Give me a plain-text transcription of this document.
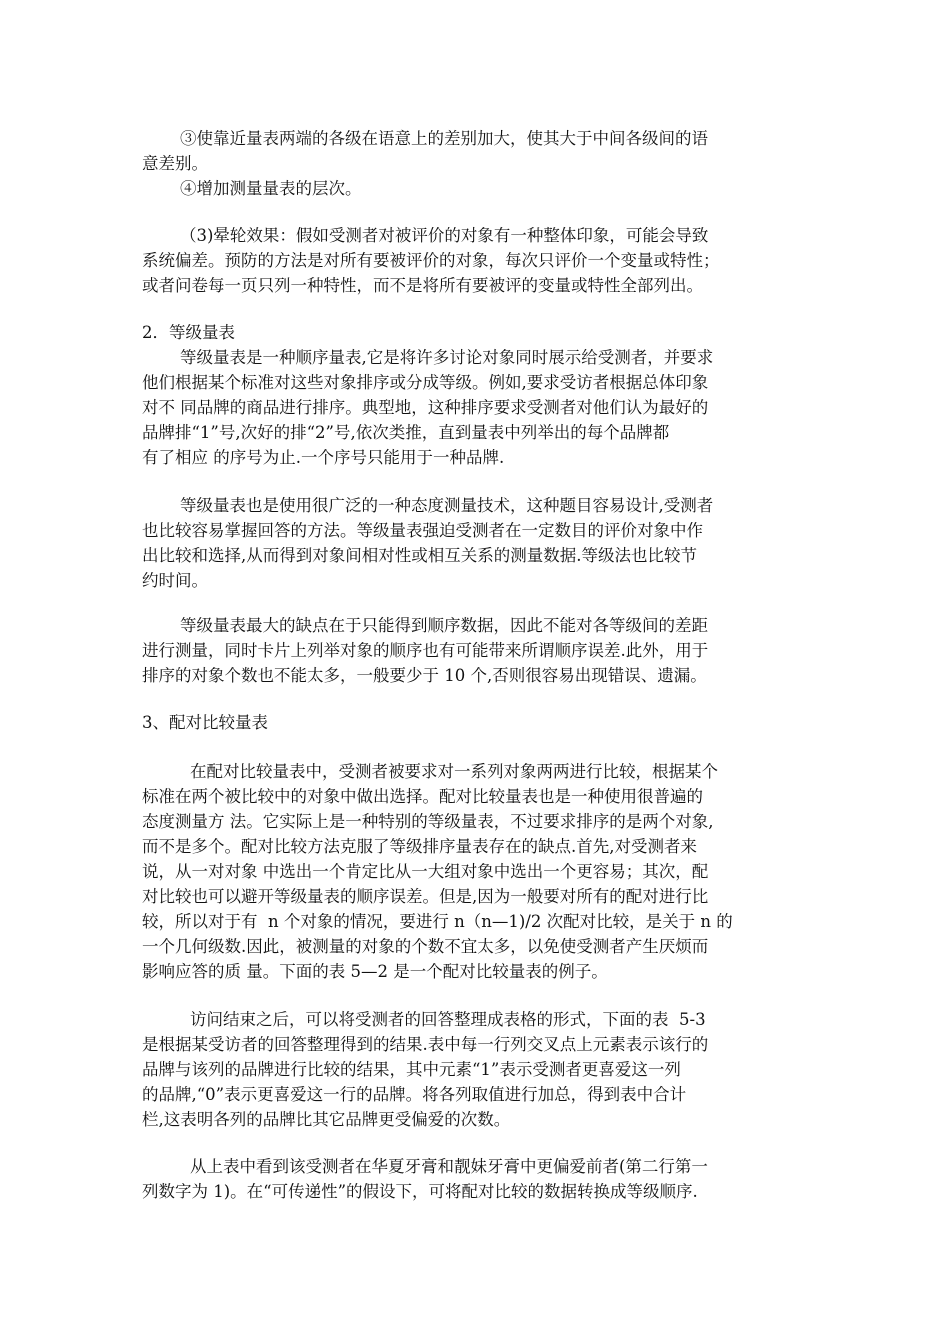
③使靠近量表两端的各级在语意上的差别加大，使其大于中间各级间的语

意差别。

④增加测量量表的层次。

（3)晕轮效果：假如受测者对被评价的对象有一种整体印象，可能会导致

系统偏差。预防的方法是对所有要被评价的对象，每次只评价一个变量或特性；

或者问卷每一页只列一种特性，而不是将所有要被评的变量或特性全部列出。

2．等级量表

等级量表是一种顺序量表,它是将许多讨论对象同时展示给受测者，并要求

他们根据某个标准对这些对象排序或分成等级。例如,要求受访者根据总体印象

对不 同品牌的商品进行排序。典型地，这种排序要求受测者对他们认为最好的

品牌排“1”号,次好的排“2”号,依次类推，直到量表中列举出的每个品牌都

有了相应 的序号为止.一个序号只能用于一种品牌.

等级量表也是使用很广泛的一种态度测量技术，这种题目容易设计,受测者

也比较容易掌握回答的方法。等级量表强迫受测者在一定数目的评价对象中作

出比较和选择,从而得到对象间相对性或相互关系的测量数据.等级法也比较节

约时间。

等级量表最大的缺点在于只能得到顺序数据，因此不能对各等级间的差距

进行测量，同时卡片上列举对象的顺序也有可能带来所谓顺序误差.此外，用于

排序的对象个数也不能太多，一般要少于 10 个,否则很容易出现错误、遗漏。

3、配对比较量表

在配对比较量表中，受测者被要求对一系列对象两两进行比较，根据某个

标准在两个被比较中的对象中做出选择。配对比较量表也是一种使用很普遍的

态度测量方 法。它实际上是一种特别的等级量表，不过要求排序的是两个对象,

而不是多个。配对比较方法克服了等级排序量表存在的缺点.首先,对受测者来

说，从一对对象 中选出一个肯定比从一大组对象中选出一个更容易；其次，配

对比较也可以避开等级量表的顺序误差。但是,因为一般要对所有的配对进行比

较，所以对于有  n 个对象的情况，要进行 n（n—1)/2 次配对比较，是关于 n 的

一个几何级数.因此，被测量的对象的个数不宜太多，以免使受测者产生厌烦而

影响应答的质 量。下面的表 5—2 是一个配对比较量表的例子。

访问结束之后，可以将受测者的回答整理成表格的形式，下面的表  5-3

是根据某受访者的回答整理得到的结果.表中每一行列交叉点上元素表示该行的

品牌与该列的品牌进行比较的结果，其中元素“1”表示受测者更喜爱这一列

的品牌,“0”表示更喜爱这一行的品牌。将各列取值进行加总，得到表中合计

栏,这表明各列的品牌比其它品牌更受偏爱的次数。

从上表中看到该受测者在华夏牙膏和靓妹牙膏中更偏爱前者(第二行第一

列数字为 1)。在“可传递性”的假设下，可将配对比较的数据转换成等级顺序.
